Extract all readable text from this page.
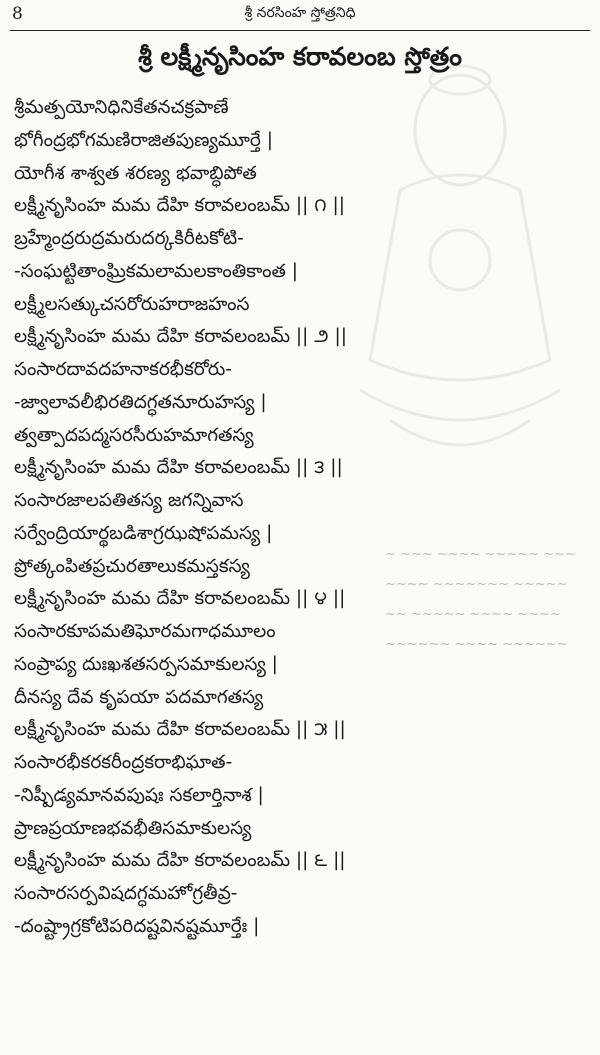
~ ~~~ ~~~~ ~~~~~ ~~~
~~~~ ~~~~~~~ ~~~~~
~~ ~~~~~ ~~~~ ~~~~
~~~~~~ ~~~~ ~~~~~~
8	శ్రీ నరసింహ స్తోత్రనిధి
శ్రీ లక్ష్మీనృసింహ కరావలంబ స్తోత్రం
శ్రీమత్పయోనిధినికేతనచక్రపాణే
భోగీంద్రభోగమణిరాజితపుణ్యమూర్తే |
యోగీశ శాశ్వత శరణ్య భవాబ్ధిపోత
లక్ష్మీనృసింహ మమ దేహి కరావలంబమ్ || ౧ ||
బ్రహ్మేంద్రరుద్రమరుదర్కకిరీటకోటి-
-సంఘట్టితాంఘ్రికమలామలకాంతికాంత |
లక్ష్మీలసత్కుచసరోరుహరాజహంస
లక్ష్మీనృసింహ మమ దేహి కరావలంబమ్ || ౨ ||
సంసారదావదహనాకరభీకరోరు-
-జ్వాలావలీభిరతిదగ్ధతనూరుహస్య |
త్వత్పాదపద్మసరసీరుహమాగతస్య
లక్ష్మీనృసింహ మమ దేహి కరావలంబమ్ || ౩ ||
సంసారజాలపతితస్య జగన్నివాస
సర్వేంద్రియార్థబడిశాగ్రఝషోపమస్య |
ప్రోత్కంపితప్రచురతాలుకమస్తకస్య
లక్ష్మీనృసింహ మమ దేహి కరావలంబమ్ || ౪ ||
సంసారకూపమతిఘోరమగాధమూలం
సంప్రాప్య దుఃఖశతసర్పసమాకులస్య |
దీనస్య దేవ కృపయా పదమాగతస్య
లక్ష్మీనృసింహ మమ దేహి కరావలంబమ్ || ౫ ||
సంసారభీకరకరీంద్రకరాభిఘాత-
-నిష్పీడ్యమానవపుషః సకలార్తినాశ |
ప్రాణప్రయాణభవభీతిసమాకులస్య
లక్ష్మీనృసింహ మమ దేహి కరావలంబమ్ || ౬ ||
సంసారసర్పవిషదగ్ధమహోగ్రతీవ్ర-
-దంష్ట్రాగ్రకోటిపరిదష్టవినష్టమూర్తేః |
